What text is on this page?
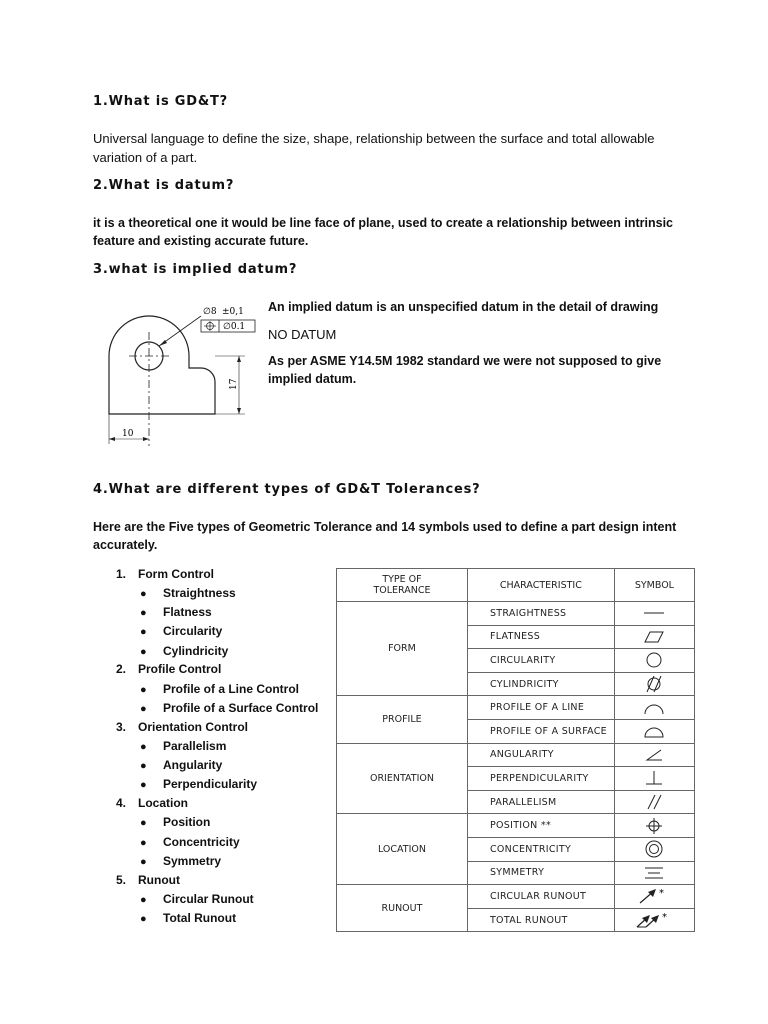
1.What is GD&T?
Universal language to define the size, shape, relationship between the surface and total allowable variation of a part.
2.What is datum?
it is a theoretical one it would be line face of plane, used to create a relationship between intrinsic feature and existing accurate future.
3.what is implied datum?
∅8 ±0,1
∅0.1
17
10
An implied datum is an unspecified datum in the detail of drawing
NO DATUM
As per ASME Y14.5M 1982 standard we were not supposed to give implied datum.
4.What are different types of GD&T Tolerances?
Here are the Five types of Geometric Tolerance and 14 symbols used to define a part design intent accurately.
1. Form Control
● Straightness
● Flatness
● Circularity
● Cylindricity
2. Profile Control
● Profile of a Line Control
● Profile of a Surface Control
3. Orientation Control
● Parallelism
● Angularity
● Perpendicularity
4. Location
● Position
● Concentricity
● Symmetry
5. Runout
● Circular Runout
● Total Runout
TYPE OF TOLERANCE	CHARACTERISTIC	SYMBOL
FORM	STRAIGHTNESS	

	FLATNESS	

	CIRCULARITY	

	CYLINDRICITY	

PROFILE	PROFILE OF A LINE	

	PROFILE OF A SURFACE	

ORIENTATION	ANGULARITY	

	PERPENDICULARITY	

	PARALLELISM	

LOCATION	POSITION **	

	CONCENTRICITY	

	SYMMETRY	

RUNOUT	CIRCULAR RUNOUT	*

	TOTAL RUNOUT	*
